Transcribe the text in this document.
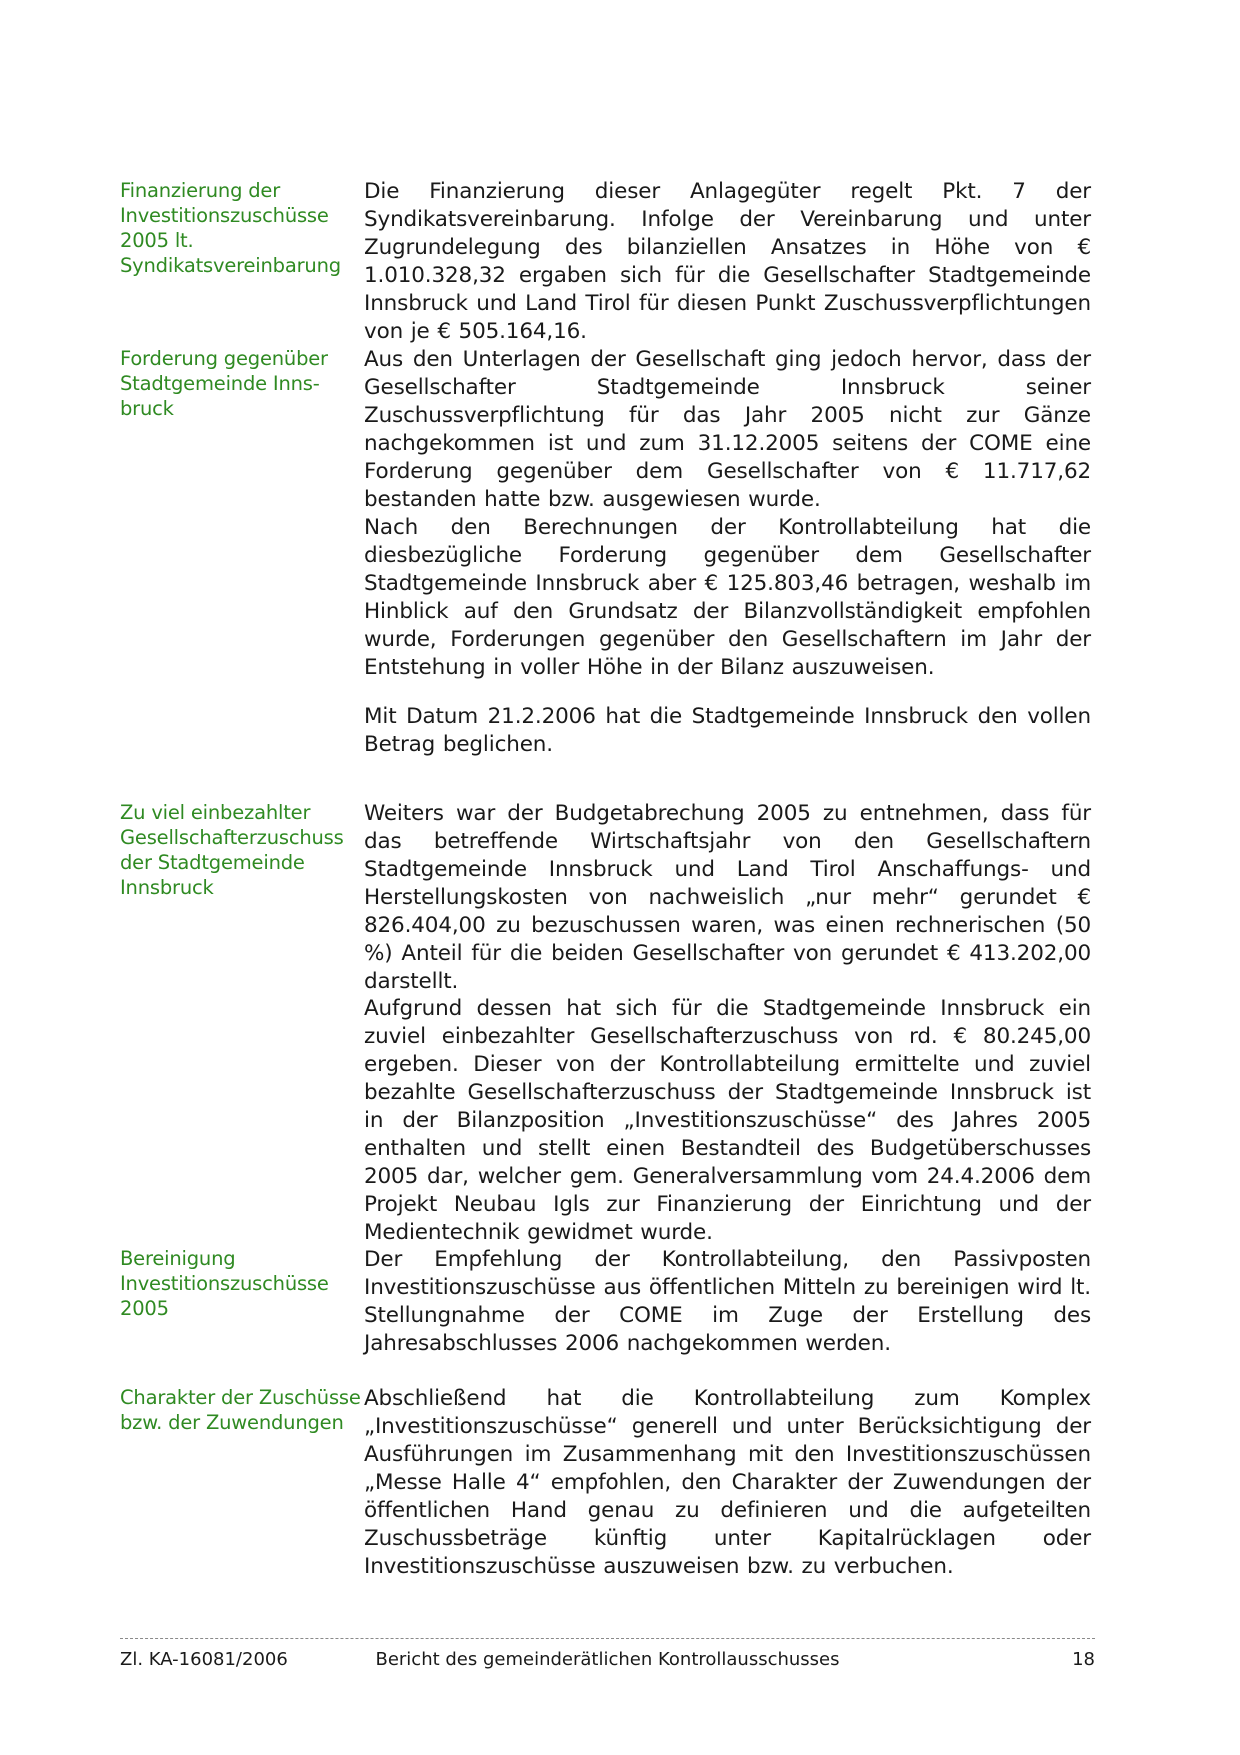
Finanzierung der
Investitionszuschüsse
2005 lt.
Syndikatsvereinbarung

Die Finanzierung dieser Anlagegüter regelt Pkt. 7 der Syndikatsvereinbarung. Infolge der Vereinbarung und unter Zugrundelegung des bilanziellen Ansatzes in Höhe von € 1.010.328,32 ergaben sich für die Gesellschafter Stadtgemeinde Innsbruck und Land Tirol für diesen Punkt Zuschussverpflichtungen von je € 505.164,16.

Forderung gegenüber
Stadtgemeinde Inns-
bruck

Aus den Unterlagen der Gesellschaft ging jedoch hervor, dass der Gesellschafter Stadtgemeinde Innsbruck seiner Zuschussverpflichtung für das Jahr 2005 nicht zur Gänze nachgekommen ist und zum 31.12.2005 seitens der COME eine Forderung gegenüber dem Gesellschafter von € 11.717,62 bestanden hatte bzw. ausgewiesen wurde.

Nach den Berechnungen der Kontrollabteilung hat die diesbezügliche Forderung gegenüber dem Gesellschafter Stadtgemeinde Innsbruck aber € 125.803,46 betragen, weshalb im Hinblick auf den Grundsatz der Bilanzvollständigkeit empfohlen wurde, Forderungen gegenüber den Gesellschaftern im Jahr der Entstehung in voller Höhe in der Bilanz auszuweisen.

Mit Datum 21.2.2006 hat die Stadtgemeinde Innsbruck den vollen Betrag beglichen.

Zu viel einbezahlter
Gesellschafterzuschuss
der Stadtgemeinde
Innsbruck

Weiters war der Budgetabrechung 2005 zu entnehmen, dass für das betreffende Wirtschaftsjahr von den Gesellschaftern Stadtgemeinde Innsbruck und Land Tirol Anschaffungs- und Herstellungskosten von nachweislich „nur mehr“ gerundet € 826.404,00 zu bezuschussen waren, was einen rechnerischen (50 %) Anteil für die beiden Gesellschafter von gerundet € 413.202,00 darstellt.

Aufgrund dessen hat sich für die Stadtgemeinde Innsbruck ein zuviel einbezahlter Gesellschafterzuschuss von rd. € 80.245,00 ergeben. Dieser von der Kontrollabteilung ermittelte und zuviel bezahlte Gesellschafterzuschuss der Stadtgemeinde Innsbruck ist in der Bilanzposition „Investitionszuschüsse“ des Jahres 2005 enthalten und stellt einen Bestandteil des Budgetüberschusses 2005 dar, welcher gem. Generalversammlung vom 24.4.2006 dem Projekt Neubau Igls zur Finanzierung der Einrichtung und der Medientechnik gewidmet wurde.

Bereinigung
Investitionszuschüsse
2005

Der Empfehlung der Kontrollabteilung, den Passivposten Investitionszuschüsse aus öffentlichen Mitteln zu bereinigen wird lt. Stellungnahme der COME im Zuge der Erstellung des Jahresabschlusses 2006 nachgekommen werden.

Charakter der Zuschüsse
bzw. der Zuwendungen

Abschließend hat die Kontrollabteilung zum Komplex „Investitionszuschüsse“ generell und unter Berücksichtigung der Ausführungen im Zusammenhang mit den Investitionszuschüssen „Messe Halle 4“ empfohlen, den Charakter der Zuwendungen der öffentlichen Hand genau zu definieren und die aufgeteilten Zuschussbeträge künftig unter Kapitalrücklagen oder Investitionszuschüsse auszuweisen bzw. zu verbuchen.

Zl. KA-16081/2006	Bericht des gemeinderätlichen Kontrollausschusses	18
